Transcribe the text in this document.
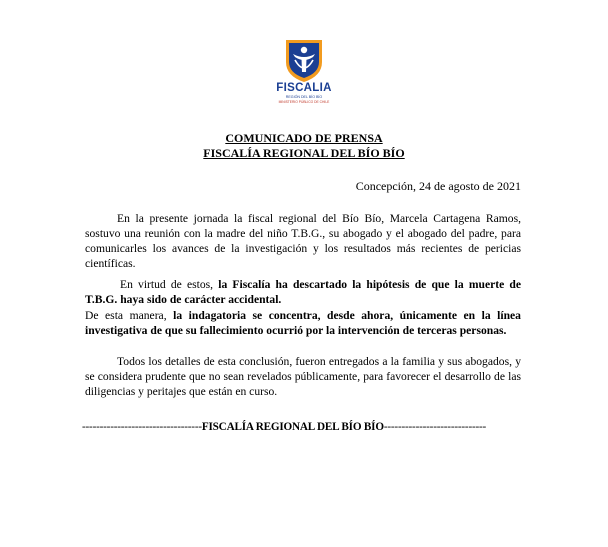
FISCALIA
REGIÓN DEL BÍO BÍO
MINISTERIO PÚBLICO DE CHILE
COMUNICADO DE PRENSA
FISCALÍA REGIONAL DEL BÍO BÍO
Concepción, 24 de agosto de 2021
En la presente jornada la fiscal regional del Bío Bío, Marcela Cartagena Ramos, sostuvo una reunión con la madre del niño T.B.G., su abogado y el abogado del padre, para comunicarles los avances de la investigación y los resultados más recientes de pericias científicas.
En virtud de estos, la Fiscalía ha descartado la hipótesis de que la muerte de T.B.G. haya sido de carácter accidental.
De esta manera, la indagatoria se concentra, desde ahora, únicamente en la línea investigativa de que su fallecimiento ocurrió por la intervención de terceras personas.
Todos los detalles de esta conclusión, fueron entregados a la familia y sus abogados, y se considera prudente que no sean revelados públicamente, para favorecer el desarrollo de las diligencias y peritajes que están en curso.
----------------------------------FISCALÍA REGIONAL DEL BÍO BÍO-----------------------------
